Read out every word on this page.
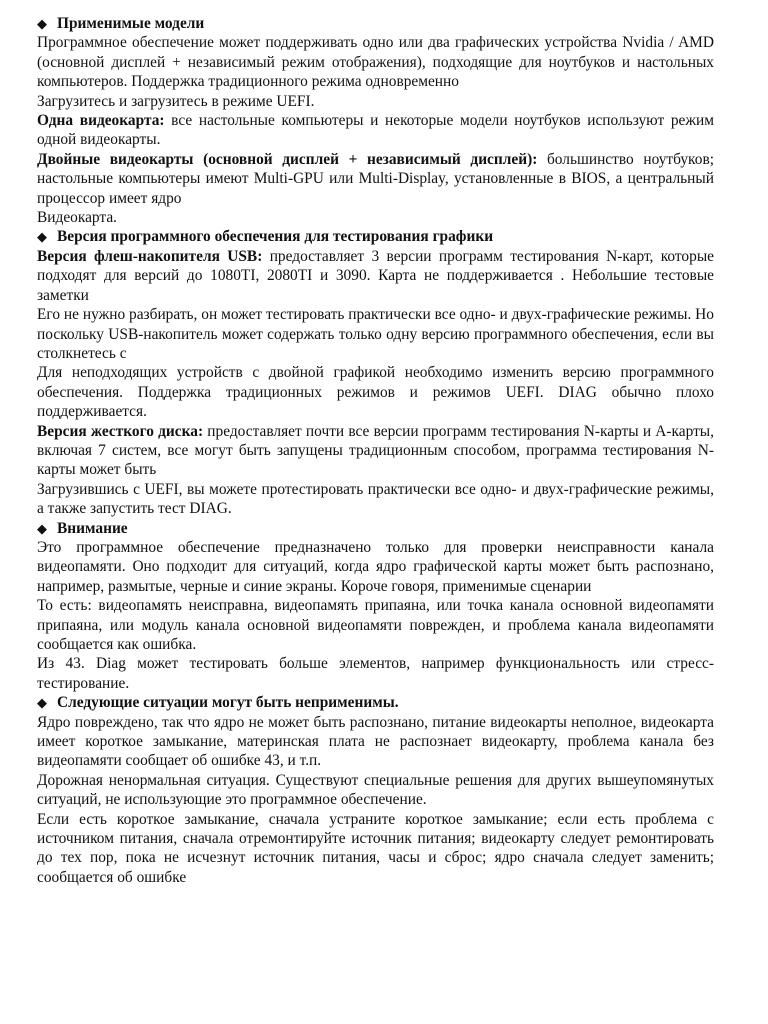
◆ Применимые модели

Программное обеспечение может поддерживать одно или два графических устройства Nvidia / AMD (основной дисплей + независимый режим отображения), подходящие для ноутбуков и настольных компьютеров. Поддержка традиционного режима одновременно

Загрузитесь и загрузитесь в режиме UEFI.

Одна видеокарта: все настольные компьютеры и некоторые модели ноутбуков используют режим одной видеокарты.

Двойные видеокарты (основной дисплей + независимый дисплей): большинство ноутбуков; настольные компьютеры имеют Multi-GPU или Multi-Display, установленные в BIOS, а центральный процессор имеет ядро

Видеокарта.

◆ Версия программного обеспечения для тестирования графики

Версия флеш-накопителя USB: предоставляет 3 версии программ тестирования N-карт, которые подходят для версий до 1080TI, 2080TI и 3090. Карта не поддерживается . Небольшие тестовые заметки

Его не нужно разбирать, он может тестировать практически все одно- и двух-графические режимы. Но поскольку USB-накопитель может содержать только одну версию программного обеспечения, если вы столкнетесь с

Для неподходящих устройств с двойной графикой необходимо изменить версию программного обеспечения. Поддержка традиционных режимов и режимов UEFI. DIAG обычно плохо поддерживается.

Версия жесткого диска: предоставляет почти все версии программ тестирования N-карты и A-карты, включая 7 систем, все могут быть запущены традиционным способом, программа тестирования N-карты может быть

Загрузившись с UEFI, вы можете протестировать практически все одно- и двух-графические режимы, а также запустить тест DIAG.

◆ Внимание

Это программное обеспечение предназначено только для проверки неисправности канала видеопамяти. Оно подходит для ситуаций, когда ядро графической карты может быть распознано, например, размытые, черные и синие экраны. Короче говоря, применимые сценарии

То есть: видеопамять неисправна, видеопамять припаяна, или точка канала основной видеопамяти припаяна, или модуль канала основной видеопамяти поврежден, и проблема канала видеопамяти сообщается как ошибка.

Из 43. Diag может тестировать больше элементов, например функциональность или стресс-тестирование.

◆ Следующие ситуации могут быть неприменимы.

Ядро повреждено, так что ядро не может быть распознано, питание видеокарты неполное, видеокарта имеет короткое замыкание, материнская плата не распознает видеокарту, проблема канала без видеопамяти сообщает об ошибке 43, и т.п.

Дорожная ненормальная ситуация. Существуют специальные решения для других вышеупомянутых ситуаций, не использующие это программное обеспечение.

Если есть короткое замыкание, сначала устраните короткое замыкание; если есть проблема с источником питания, сначала отремонтируйте источник питания; видеокарту следует ремонтировать до тех пор, пока не исчезнут источник питания, часы и сброс; ядро сначала следует заменить; сообщается об ошибке
